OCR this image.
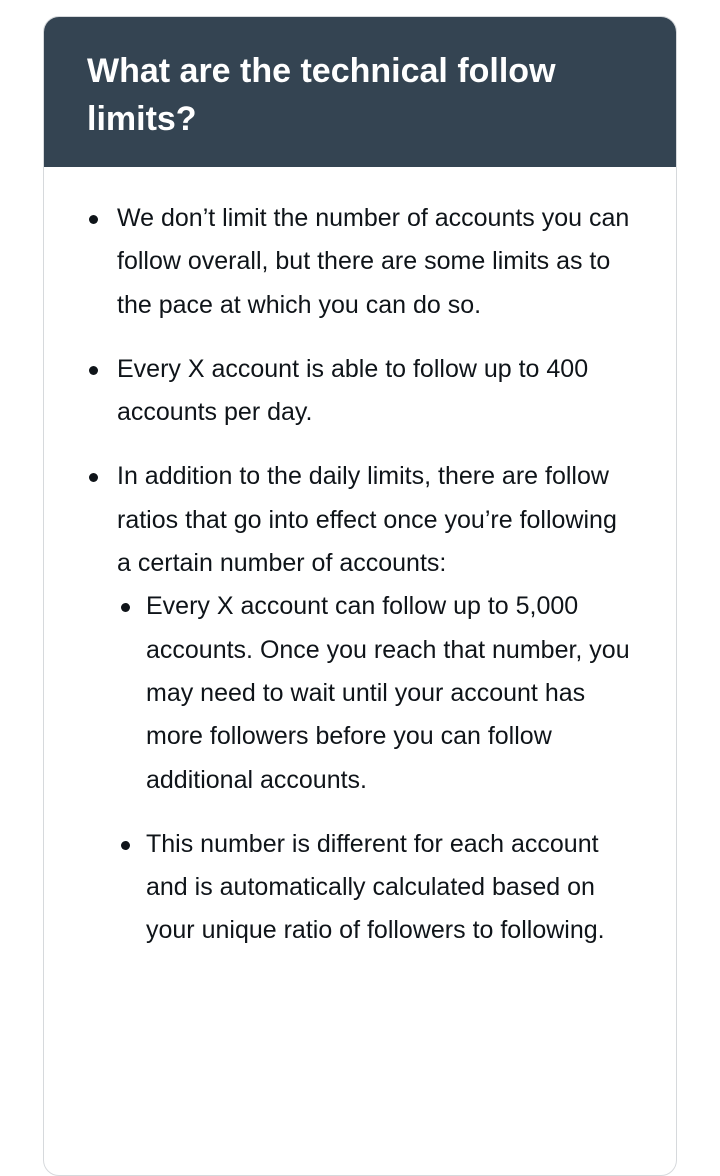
What are the technical follow limits?
We don’t limit the number of accounts you can follow overall, but there are some limits as to the pace at which you can do so.
Every X account is able to follow up to 400 accounts per day.
In addition to the daily limits, there are follow ratios that go into effect once you’re following a certain number of accounts:
Every X account can follow up to 5,000 accounts. Once you reach that number, you may need to wait until your account has more followers before you can follow additional accounts.
This number is different for each account and is automatically calculated based on your unique ratio of followers to following.
